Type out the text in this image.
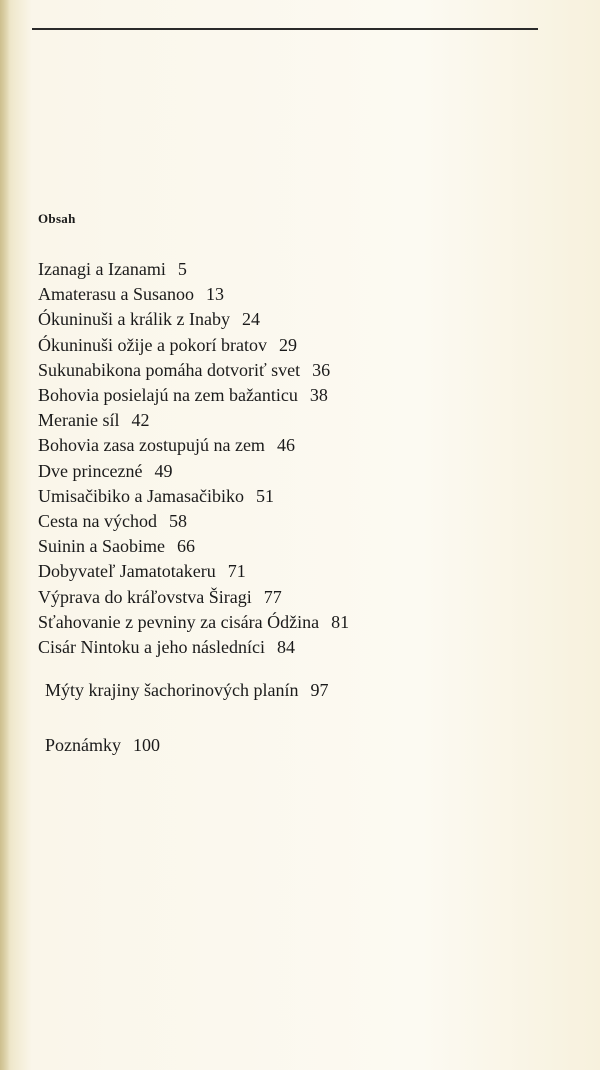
Obsah
Izanagi a Izanami 5
Amaterasu a Susanoo 13
Ókuninuši a králik z Inaby 24
Ókuninuši ožije a pokorí bratov 29
Sukunabikona pomáha dotvoriť svet 36
Bohovia posielajú na zem bažanticu 38
Meranie síl 42
Bohovia zasa zostupujú na zem 46
Dve princezné 49
Umisačibiko a Jamasačibiko 51
Cesta na východ 58
Suinin a Saobime 66
Dobyvateľ Jamatotakeru 71
Výprava do kráľovstva Širagi 77
Sťahovanie z pevniny za cisára Ódžina 81
Cisár Nintoku a jeho následníci 84
Mýty krajiny šachorinových planín 97
Poznámky 100
